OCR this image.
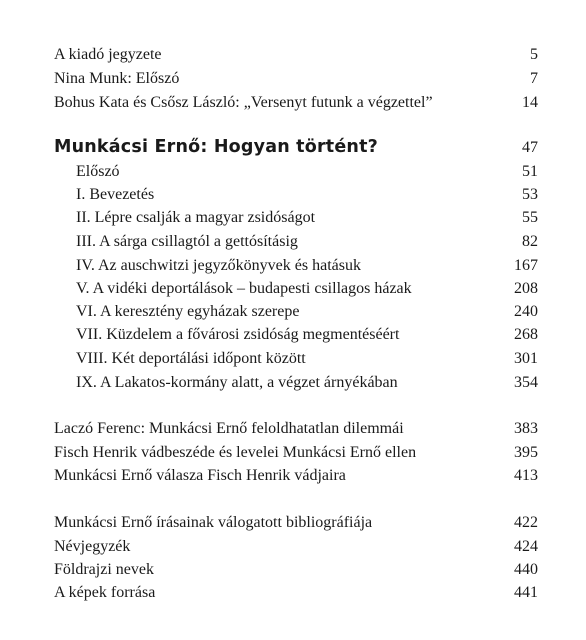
A kiadó jegyzete	5
Nina Munk: Előszó	7
Bohus Kata és Csősz László: „Versenyt futunk a végzettel”	14
Munkácsi Ernő: Hogyan történt?	47
Előszó	51
I. Bevezetés	53
II. Lépre csalják a magyar zsidóságot	55
III. A sárga csillagtól a gettósításig	82
IV. Az auschwitzi jegyzőkönyvek és hatásuk	167
V. A vidéki deportálások – budapesti csillagos házak	208
VI. A keresztény egyházak szerepe	240
VII. Küzdelem a fővárosi zsidóság megmentéséért	268
VIII. Két deportálási időpont között	301
IX. A Lakatos-kormány alatt, a végzet árnyékában	354
Laczó Ferenc: Munkácsi Ernő feloldhatatlan dilemmái	383
Fisch Henrik vádbeszéde és levelei Munkácsi Ernő ellen	395
Munkácsi Ernő válasza Fisch Henrik vádjaira	413
Munkácsi Ernő írásainak válogatott bibliográfiája	422
Névjegyzék	424
Földrajzi nevek	440
A képek forrása	441
